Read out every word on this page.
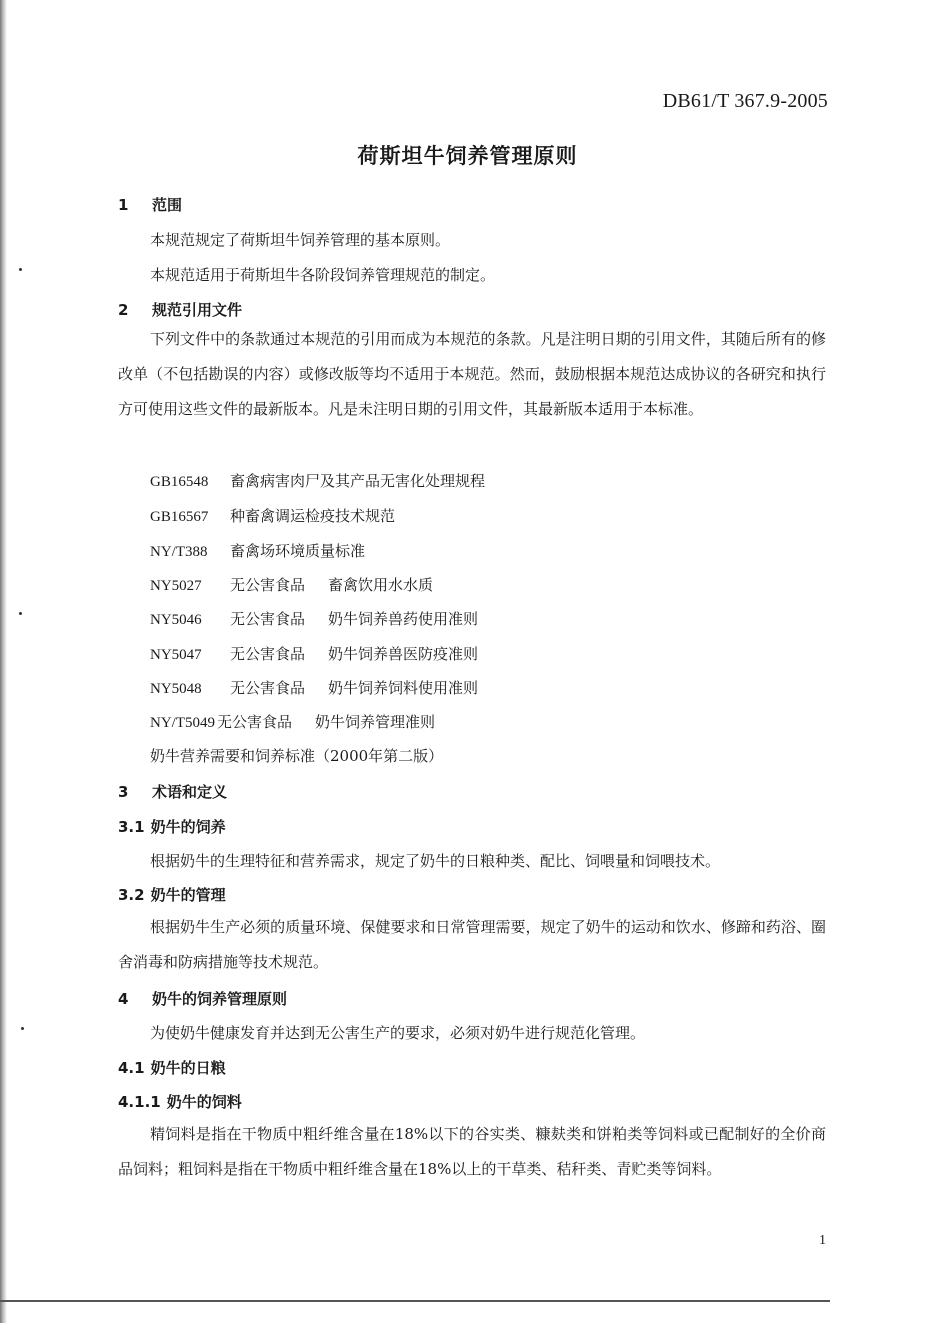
DB61/T 367.9-2005
荷斯坦牛饲养管理原则
1 范围
本规范规定了荷斯坦牛饲养管理的基本原则。
本规范适用于荷斯坦牛各阶段饲养管理规范的制定。
2 规范引用文件
下列文件中的条款通过本规范的引用而成为本规范的条款。凡是注明日期的引用文件，其随后所有的修改单（不包括勘误的内容）或修改版等均不适用于本规范。然而，鼓励根据本规范达成协议的各研究和执行方可使用这些文件的最新版本。凡是未注明日期的引用文件，其最新版本适用于本标准。
GB16548 畜禽病害肉尸及其产品无害化处理规程
GB16567 种畜禽调运检疫技术规范
NY/T388 畜禽场环境质量标准
NY5027 无公害食品 畜禽饮用水水质
NY5046 无公害食品 奶牛饲养兽药使用准则
NY5047 无公害食品 奶牛饲养兽医防疫准则
NY5048 无公害食品 奶牛饲养饲料使用准则
NY/T5049 无公害食品 奶牛饲养管理准则
奶牛营养需要和饲养标准（2000年第二版）
3 术语和定义
3.1 奶牛的饲养
根据奶牛的生理特征和营养需求，规定了奶牛的日粮种类、配比、饲喂量和饲喂技术。
3.2 奶牛的管理
根据奶牛生产必须的质量环境、保健要求和日常管理需要，规定了奶牛的运动和饮水、修蹄和药浴、圈舍消毒和防病措施等技术规范。
4 奶牛的饲养管理原则
为使奶牛健康发育并达到无公害生产的要求，必须对奶牛进行规范化管理。
4.1 奶牛的日粮
4.1.1 奶牛的饲料
精饲料是指在干物质中粗纤维含量在18%以下的谷实类、糠麸类和饼粕类等饲料或已配制好的全价商品饲料；粗饲料是指在干物质中粗纤维含量在18%以上的干草类、秸秆类、青贮类等饲料。
1
